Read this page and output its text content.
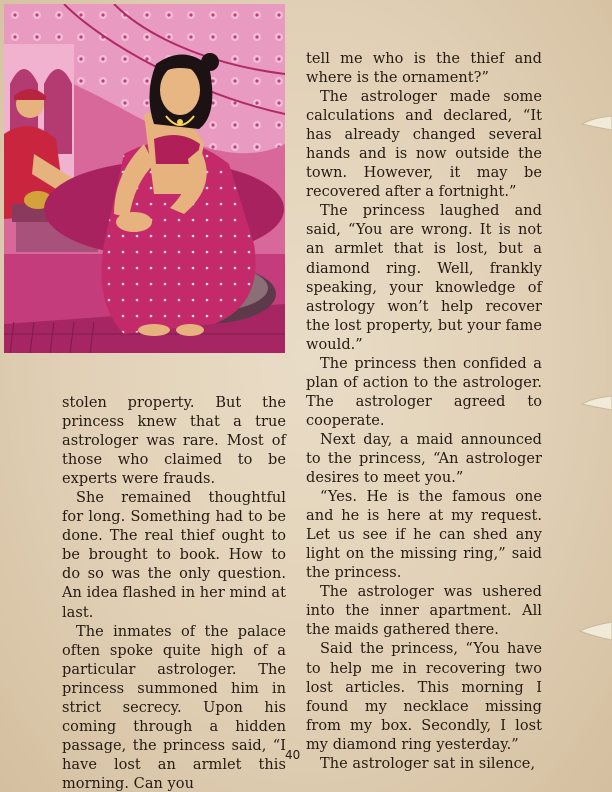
stolen property. But the princess knew that a true astrologer was rare. Most of those who claimed to be experts were frauds.

She remained thoughtful for long. Something had to be done. The real thief ought to be brought to book. How to do so was the only question. An idea flashed in her mind at last.

The inmates of the palace often spoke quite high of a particular astrologer. The princess summoned him in strict secrecy. Upon his coming through a hidden passage, the princess said, “I have lost an armlet this morning. Can you

tell me who is the thief and where is the ornament?”

The astrologer made some calculations and declared, “It has already changed several hands and is now outside the town. However, it may be recovered after a fortnight.”

The princess laughed and said, “You are wrong. It is not an armlet that is lost, but a diamond ring. Well, frankly speaking, your knowledge of astrology won’t help recover the lost property, but your fame would.”

The princess then confided a plan of action to the astrologer. The astrologer agreed to cooperate.

Next day, a maid announced to the princess, “An astrologer desires to meet you.”

“Yes. He is the famous one and he is here at my request. Let us see if he can shed any light on the missing ring,” said the princess.

The astrologer was ushered into the inner apartment. All the maids gathered there.

Said the princess, “You have to help me in recovering two lost articles. This morning I found my necklace missing from my box. Secondly, I lost my diamond ring yesterday.”

The astrologer sat in silence,

40
